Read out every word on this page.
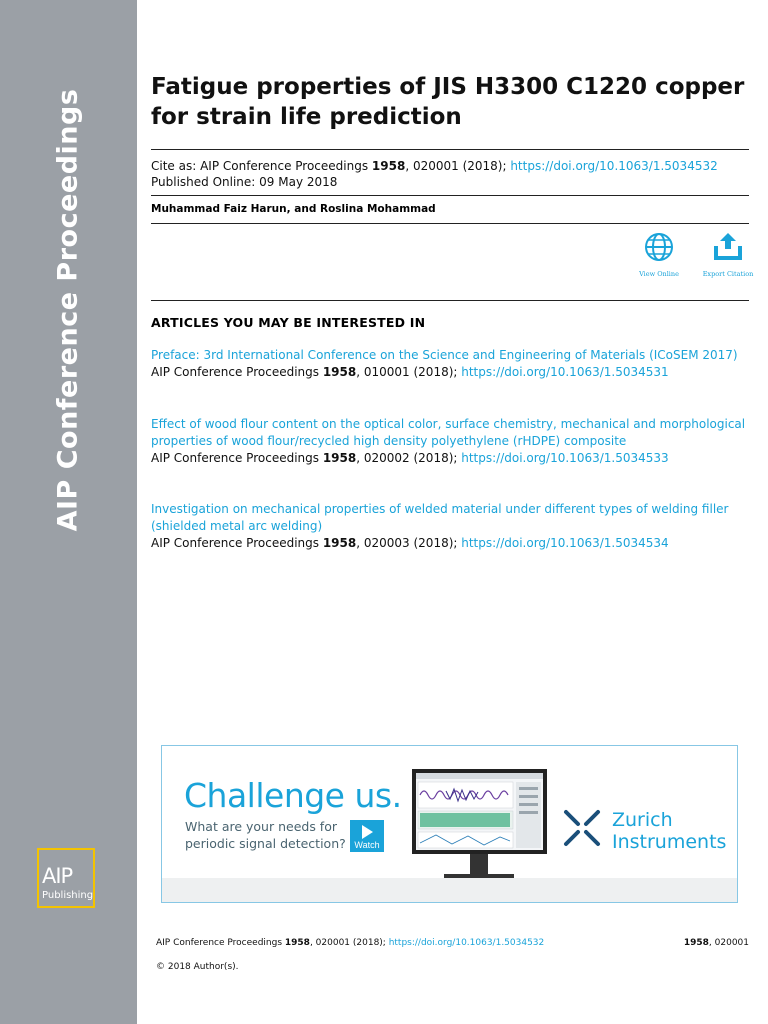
AIP Conference Proceedings
AIP
Publishing
Fatigue properties of JIS H3300 C1220 copper for strain life prediction
Cite as: AIP Conference Proceedings 1958, 020001 (2018); https://doi.org/10.1063/1.5034532
Published Online: 09 May 2018
Muhammad Faiz Harun, and Roslina Mohammad
View Online	Export Citation
ARTICLES YOU MAY BE INTERESTED IN
Preface: 3rd International Conference on the Science and Engineering of Materials (ICoSEM 2017)
AIP Conference Proceedings 1958, 010001 (2018); https://doi.org/10.1063/1.5034531
Effect of wood flour content on the optical color, surface chemistry, mechanical and morphological properties of wood flour/recycled high density polyethylene (rHDPE) composite
AIP Conference Proceedings 1958, 020002 (2018); https://doi.org/10.1063/1.5034533
Investigation on mechanical properties of welded material under different types of welding filler (shielded metal arc welding)
AIP Conference Proceedings 1958, 020003 (2018); https://doi.org/10.1063/1.5034534
Challenge us.
What are your needs for periodic signal detection? Watch
Zurich
Instruments
AIP Conference Proceedings 1958, 020001 (2018); https://doi.org/10.1063/1.5034532	1958, 020001
© 2018 Author(s).
